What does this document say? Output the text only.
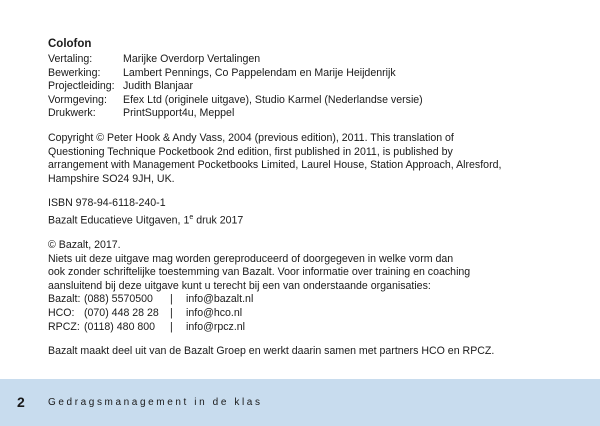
Colofon
Vertaling:	Marijke Overdorp Vertalingen
Bewerking:	Lambert Pennings, Co Pappelendam en Marije Heijdenrijk
Projectleiding: Judith Blanjaar
Vormgeving:	Efex Ltd (originele uitgave), Studio Karmel (Nederlandse versie)
Drukwerk:	PrintSupport4u, Meppel
Copyright © Peter Hook & Andy Vass, 2004 (previous edition), 2011. This translation of
Questioning Technique Pocketbook 2nd edition, first published in 2011, is published by
arrangement with Management Pocketbooks Limited, Laurel House, Station Approach, Alresford,
Hampshire SO24 9JH, UK.
ISBN 978-94-6118-240-1
Bazalt Educatieve Uitgaven, 1e druk 2017
© Bazalt, 2017.
Niets uit deze uitgave mag worden gereproduceerd of doorgegeven in welke vorm dan
ook zonder schriftelijke toestemming van Bazalt. Voor informatie over training en coaching
aansluitend bij deze uitgave kunt u terecht bij een van onderstaande organisaties:
Bazalt: (088) 5570500	|	info@bazalt.nl
HCO: (070) 448 28 28	|	info@hco.nl
RPCZ: (0118) 480 800	|	info@rpcz.nl
Bazalt maakt deel uit van de Bazalt Groep en werkt daarin samen met partners HCO en RPCZ.
2 Gedragsmanagement in de klas
